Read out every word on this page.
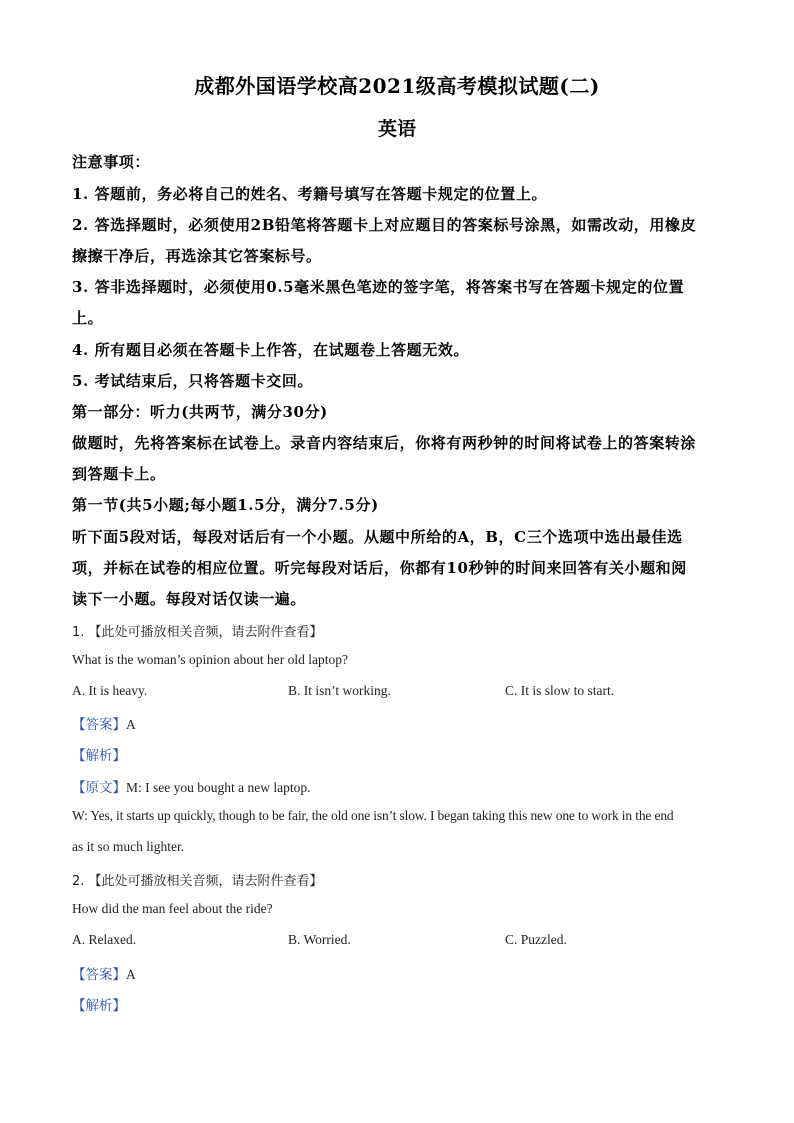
成都外国语学校高2021级高考模拟试题(二)
英语
注意事项：
1. 答题前，务必将自己的姓名、考籍号填写在答题卡规定的位置上。
2. 答选择题时，必须使用2B铅笔将答题卡上对应题目的答案标号涂黑，如需改动，用橡皮
擦擦干净后，再选涂其它答案标号。
3. 答非选择题时，必须使用0.5毫米黑色笔迹的签字笔，将答案书写在答题卡规定的位置
上。
4. 所有题目必须在答题卡上作答，在试题卷上答题无效。
5. 考试结束后，只将答题卡交回。
第一部分：听力(共两节，满分30分)
做题时，先将答案标在试卷上。录音内容结束后，你将有两秒钟的时间将试卷上的答案转涂
到答题卡上。
第一节(共5小题;每小题1.5分，满分7.5分)
听下面5段对话，每段对话后有一个小题。从题中所给的A，B，C三个选项中选出最佳选
项，并标在试卷的相应位置。听完每段对话后，你都有10秒钟的时间来回答有关小题和阅
读下一小题。每段对话仅读一遍。
1. 【此处可播放相关音频，请去附件查看】
What is the woman’s opinion about her old laptop?
A. It is heavy.	B. It isn’t working.	C. It is slow to start.
【答案】A
【解析】
【原文】M: I see you bought a new laptop.
W: Yes, it starts up quickly, though to be fair, the old one isn’t slow. I began taking this new one to work in the end
as it so much lighter.
2. 【此处可播放相关音频，请去附件查看】
How did the man feel about the ride?
A. Relaxed.	B. Worried.	C. Puzzled.
【答案】A
【解析】
